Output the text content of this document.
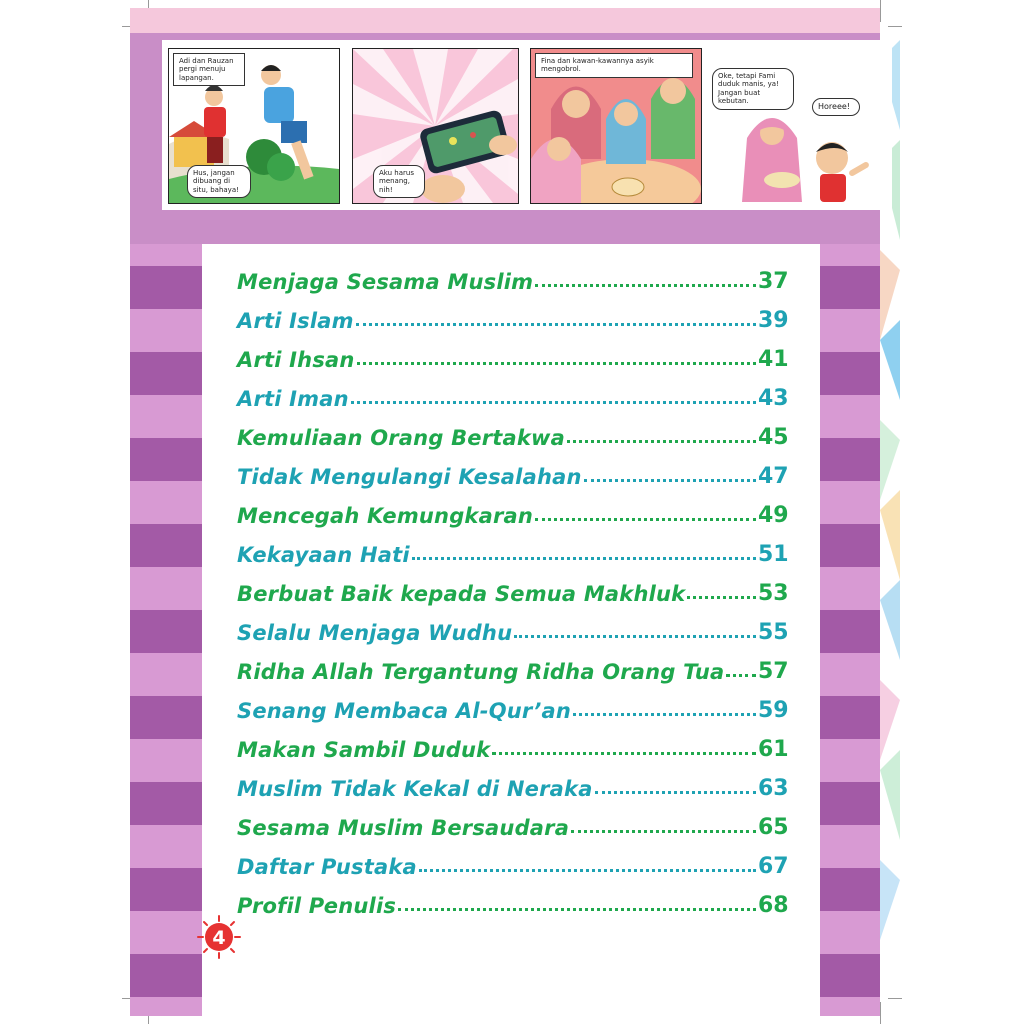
Adi dan Rauzan pergi menuju lapangan.
Hus, jangan dibuang di situ, bahaya!
Aku harus menang, nih!
Fina dan kawan-kawannya asyik mengobrol.
Oke, tetapi Fami duduk manis, ya! Jangan buat kebutan.
Horeee!
Menjaga Sesama Muslim	37
Arti Islam	39
Arti Ihsan	41
Arti Iman	43
Kemuliaan Orang Bertakwa	45
Tidak Mengulangi Kesalahan	47
Mencegah Kemungkaran	49
Kekayaan Hati	51
Berbuat Baik kepada Semua Makhluk	53
Selalu Menjaga Wudhu	55
Ridha Allah Tergantung Ridha Orang Tua 57
Senang Membaca Al-Qur’an	59
Makan Sambil Duduk	61
Muslim Tidak Kekal di Neraka	63
Sesama Muslim Bersaudara	65
Daftar Pustaka	67
Profil Penulis	68
4
